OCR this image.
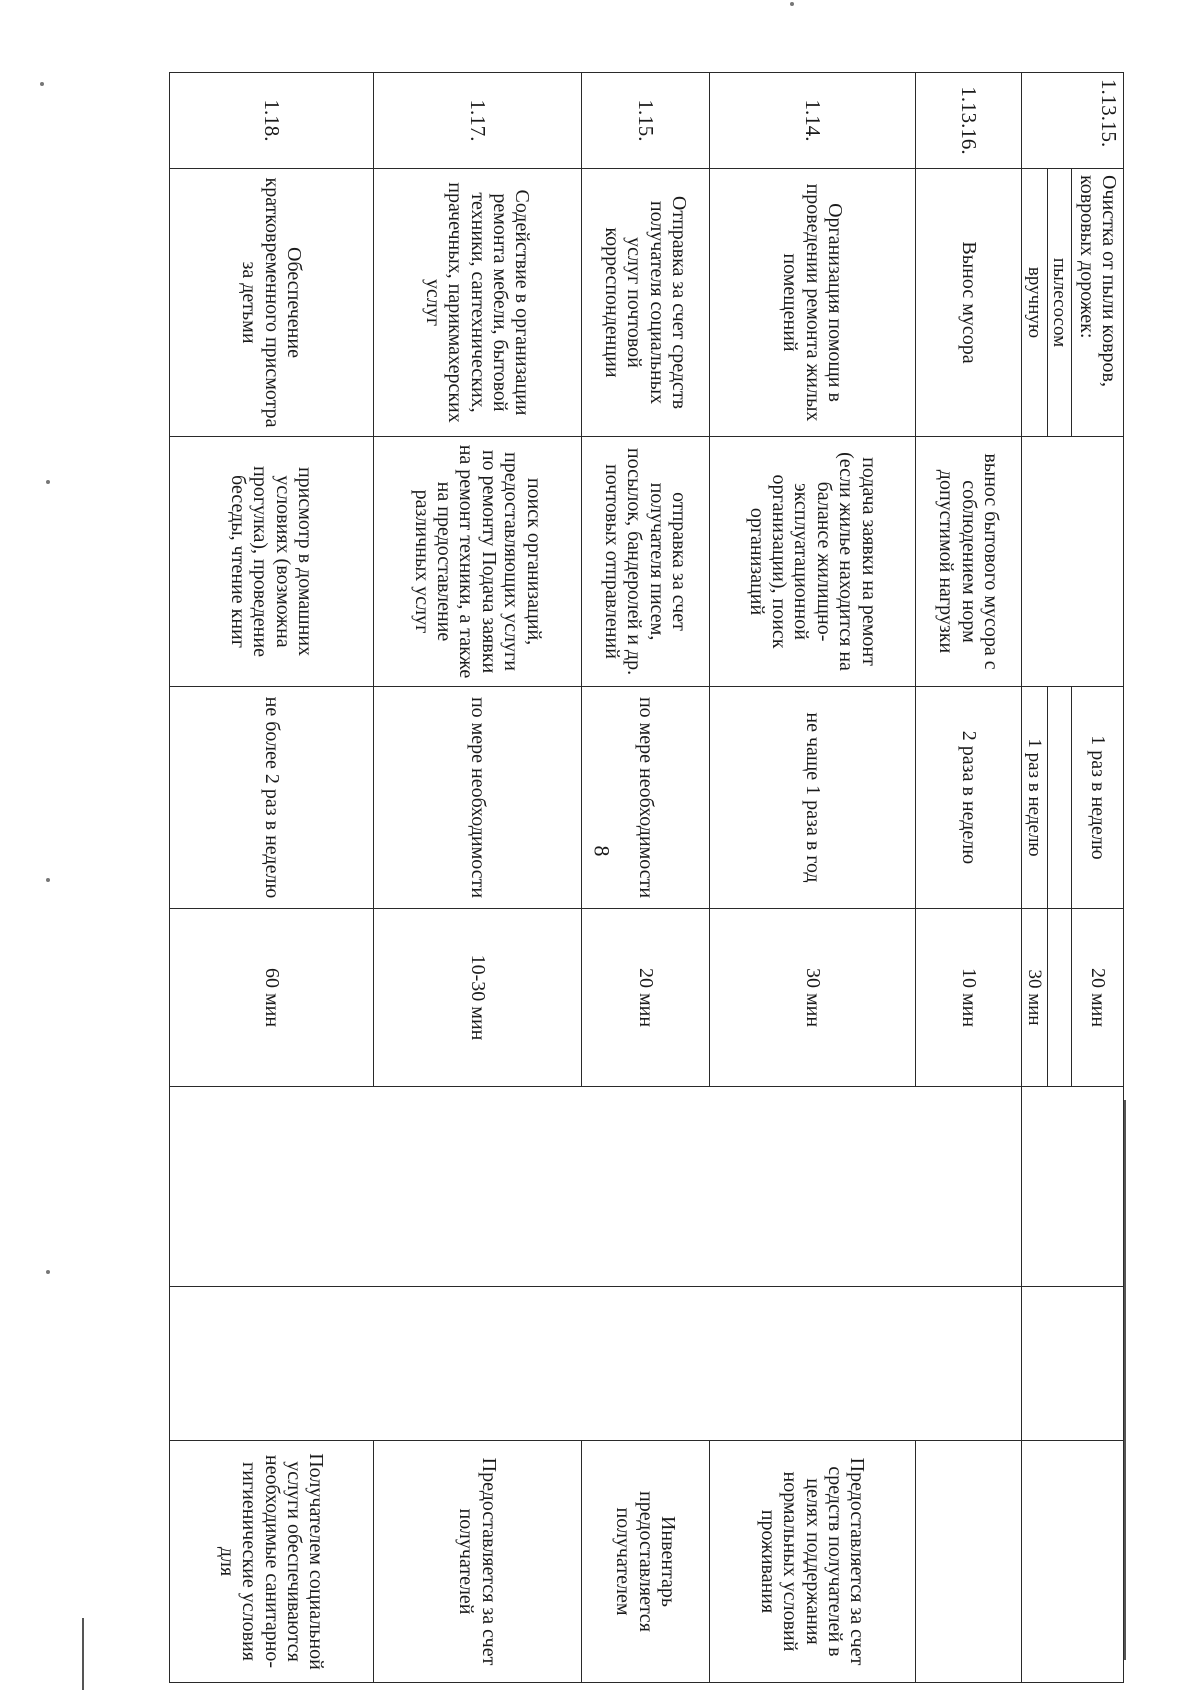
1.13.15.	Очистка от пыли ковров, ковровых дорожек:		1 раз в неделю	20 мин			
	пылесосом						
	вручную		1 раз в неделю	30 мин			
1.13.16.	Вынос мусора	вынос бытового мусора с соблюдением норм допустимой нагрузки	2 раза в неделю	10 мин			
1.14.	Организация помощи в проведении ремонта жилых помещений	подача заявки на ремонт (если жилье находится на балансе жилищно-эксплуатационной организации), поиск организаций	не чаще 1 раза в год	30 мин			Предоставляется за счет средств получателей в целях поддержания нормальных условий проживания
1.15.	Отправка за счет средств получателя социальных услуг почтовой корреспонденции	отправка за счет получателя писем, посылок, бандеролей и др. почтовых отправлений	по мере необходимости	20 мин			Инвентарь предоставляется получателем
1.17.	Содействие в организации ремонта мебели, бытовой техники, сантехнических, прачечных, парикмахерских услуг	поиск организаций, предоставляющих услуги по ремонту Подача заявки на ремонт техники, а также на предоставление различных услуг	по мере необходимости	10-30 мин			Предоставляется за счет получателей
1.18.	Обеспечение кратковременного присмотра за детьми	присмотр в домашних условиях (возможна прогулка), проведение беседы, чтение книг	не более 2 раз в неделю	60 мин			Получателем социальной услуги обеспечиваются необходимые санитарно-гигиенические условия для
8
